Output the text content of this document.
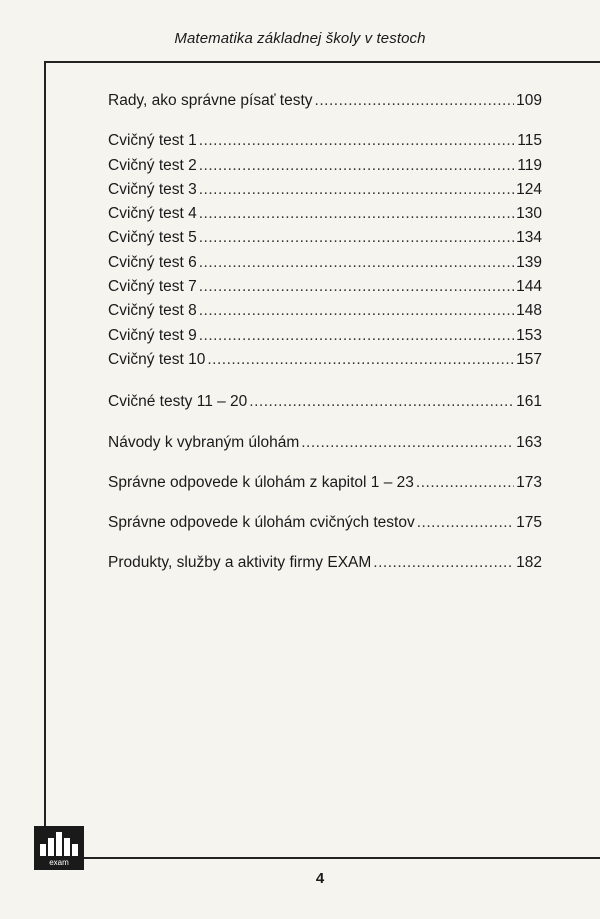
Matematika základnej školy v testoch
Rady, ako správne písať testy .....	109
Cvičný test 1 .....	115
Cvičný test 2 .....	119
Cvičný test 3 .....	124
Cvičný test 4 .....	130
Cvičný test 5 .....	134
Cvičný test 6 .....	139
Cvičný test 7 .....	144
Cvičný test 8 .....	148
Cvičný test 9 .....	153
Cvičný test 10 .....	157
Cvičné testy 11 – 20 .....	161
Návody k vybraným úlohám .....	163
Správne odpovede k úlohám z kapitol 1 – 23 .....	173
Správne odpovede k úlohám cvičných testov .....	175
Produkty, služby a aktivity firmy EXAM .....	182
exam
4
